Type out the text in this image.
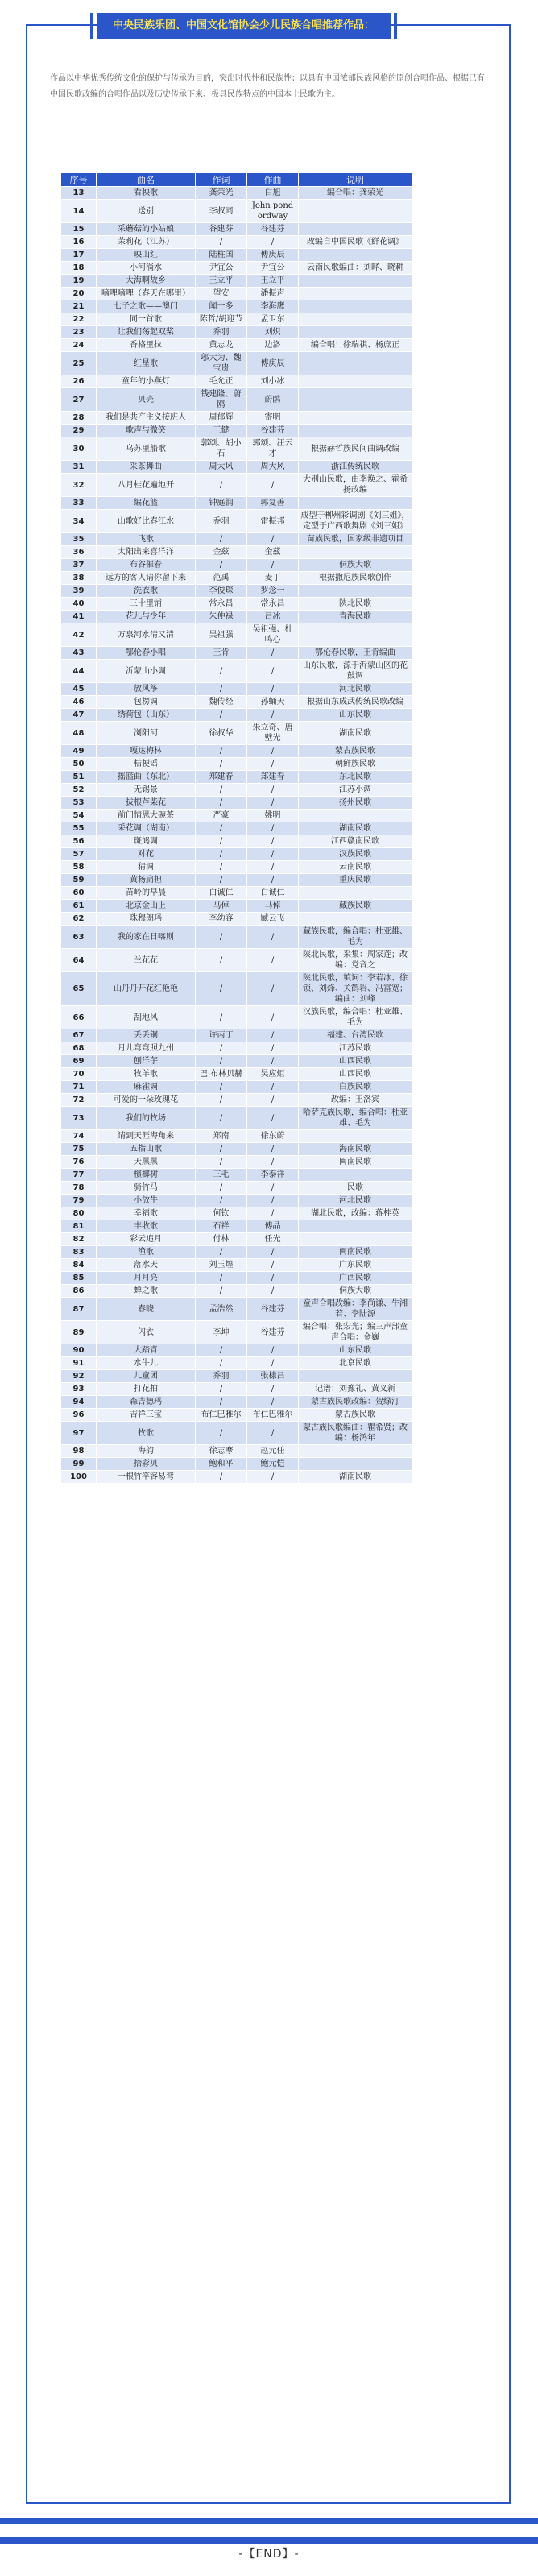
中央民族乐团、中国文化馆协会少儿民族合唱推荐作品：

作品以中华优秀传统文化的保护与传承为目的，突出时代性和民族性；以具有中国浓郁民族风格的原创合唱作品、根据已有中国民歌改编的合唱作品以及历史传承下来、极具民族特点的中国本土民歌为主。

序号	曲名	作词	作曲	说明
13	看秧歌	龚荣光	白旭	编合唱：龚荣光
14	送别	李叔同	John pond ordway	
15	采蘑菇的小姑娘	谷建芬	谷建芬	
16	茉莉花（江苏）	/	/	改编自中国民歌《鲜花调》
17	映山红	陆柱国	傅庚辰	
18	小河淌水	尹宜公	尹宜公	云南民歌编曲：刘晔、晓耕
19	大海啊故乡	王立平	王立平	
20	嘀哩嘀哩（春天在哪里）	望安	潘振声	
21	七子之歌——澳门	闻一多	李海鹰	
22	同一首歌	陈哲/胡迎节	孟卫东	
23	让我们荡起双桨	乔羽	刘炽	
24	香格里拉	黄志龙	边洛	编合唱：徐瑞祺、杨庶正
25	红星歌	邬大为、魏宝贵	傅庚辰	
26	童年的小燕灯	毛允正	刘小冰	
27	贝壳	钱建隆、蔚鸥	蔚鸥	
28	我们是共产主义接班人	周郁辉	寄明	
29	歌声与微笑	王健	谷建芬	
30	乌苏里船歌	郭颂、胡小石	郭颂、汪云才	根据赫哲族民间曲调改编
31	采茶舞曲	周大风	周大风	浙江传统民歌
32	八月桂花遍地开	/	/	大别山民歌，由李焕之、霍希扬改编
33	编花篮	钟庭润	郭复善	
34	山歌好比春江水	乔羽	雷振邦	成型于柳州彩调剧《刘三姐》，定型于广西歌舞剧《刘三姐》
35	飞歌	/	/	苗族民歌，国家级非遗项目
36	太阳出来喜洋洋	金茲	金茲	
37	布谷催春	/	/	侗族大歌
38	远方的客人请你留下来	范禹	麦丁	根据撒尼族民歌创作
39	洗衣歌	李俊琛	罗念一	
40	三十里铺	常永昌	常永昌	陕北民歌
41	花儿与少年	朱仲禄	吕冰	青海民歌
42	万泉河水清又清	吴祖强	吴祖强、杜鸣心	
43	鄂伦春小唱	王肯	/	鄂伦春民歌，王肯编曲
44	沂蒙山小调	/	/	山东民歌，源于沂蒙山区的花鼓调
45	放风筝	/	/	河北民歌
46	包楞调	魏传经	孙蛹天	根据山东成武传统民歌改编
47	绣荷包（山东）	/	/	山东民歌
48	浏阳河	徐叔华	朱立奇、唐壁光	湖南民歌
49	嘎达梅林	/	/	蒙古族民歌
50	桔梗谣	/	/	朝鲜族民歌
51	摇篮曲（东北）	郑建春	郑建春	东北民歌
52	无锡景	/	/	江苏小调
53	拔根芦柴花	/	/	扬州民歌
54	前门情思大碗茶	严豪	姚明	
55	采花调（湖南）	/	/	湖南民歌
56	斑鸠调	/	/	江西赣南民歌
57	对花	/	/	汉族民歌
58	猜调	/	/	云南民歌
59	黄杨扁担	/	/	重庆民歌
60	苗岭的早晨	白诚仁	白诚仁	
61	北京金山上	马倬	马倬	藏族民歌
62	珠穆朗玛	李幼容	臧云飞	
63	我的家在日喀则	/	/	藏族民歌，编合唱：杜亚雄、毛为
64	兰花花	/	/	陕北民歌，采集：周家莲；改编：党音之
65	山丹丹开花红艳艳	/	/	陕北民歌，填词：李若冰、徐锁、刘烽、关鹤岩、冯富宽；编曲：刘峰
66	刮地风	/	/	汉族民歌，编合唱：杜亚雄、毛为
67	丢丢铜	许丙丁	/	福建、台湾民歌
68	月儿弯弯照九州	/	/	江苏民歌
69	刨洋芋	/	/	山西民歌
70	牧羊歌	巴·布林贝赫	吴应炬	山西民歌
71	麻雀调	/	/	白族民歌
72	可爱的一朵玫瑰花	/	/	改编：王洛宾
73	我们的牧场	/	/	哈萨克族民歌，编合唱：杜亚雄、毛为
74	请到天涯海角来	郑南	徐东蔚	
75	五指山歌	/	/	海南民歌
76	天黑黑	/	/	闽南民歌
77	檳榔树	三毛	李泰祥	
78	骑竹马	/	/	民歌
79	小放牛	/	/	河北民歌
80	幸福歌	何钦	/	湖北民歌，改编：蒋桂英
81	丰收歌	石祥	傅晶	
82	彩云追月	付林	任光	
83	渔歌	/	/	闽南民歌
84	落水天	刘玉煌	/	广东民歌
85	月月亮	/	/	广西民歌
86	蝉之歌	/	/	侗族大歌
87	春晓	孟浩然	谷建芬	童声合唱改编：李尚谦、牛湘若、李陆源
89	闪衣	李坤	谷建芬	编合唱：张宏光；编三声部童声合唱：金巍
90	大踏青	/	/	山东民歌
91	水牛儿	/	/	北京民歌
92	儿童团	乔羽	张棣昌	
93	打花拍	/	/	记谱：刘豫礼、黄义新
94	森吉德玛	/	/	蒙古族民歌改编：贺绿汀
96	吉祥三宝	布仁巴雅尔	布仁巴雅尔	蒙古族民歌
97	牧歌	/	/	蒙古族民歌编曲：瞿希贤；改编：杨鸿年
98	海韵	徐志摩	赵元任	
99	拾彩贝	鲍和平	鲍元恺	
100	一根竹竿容易弯	/	/	湖南民歌
-【END】-
